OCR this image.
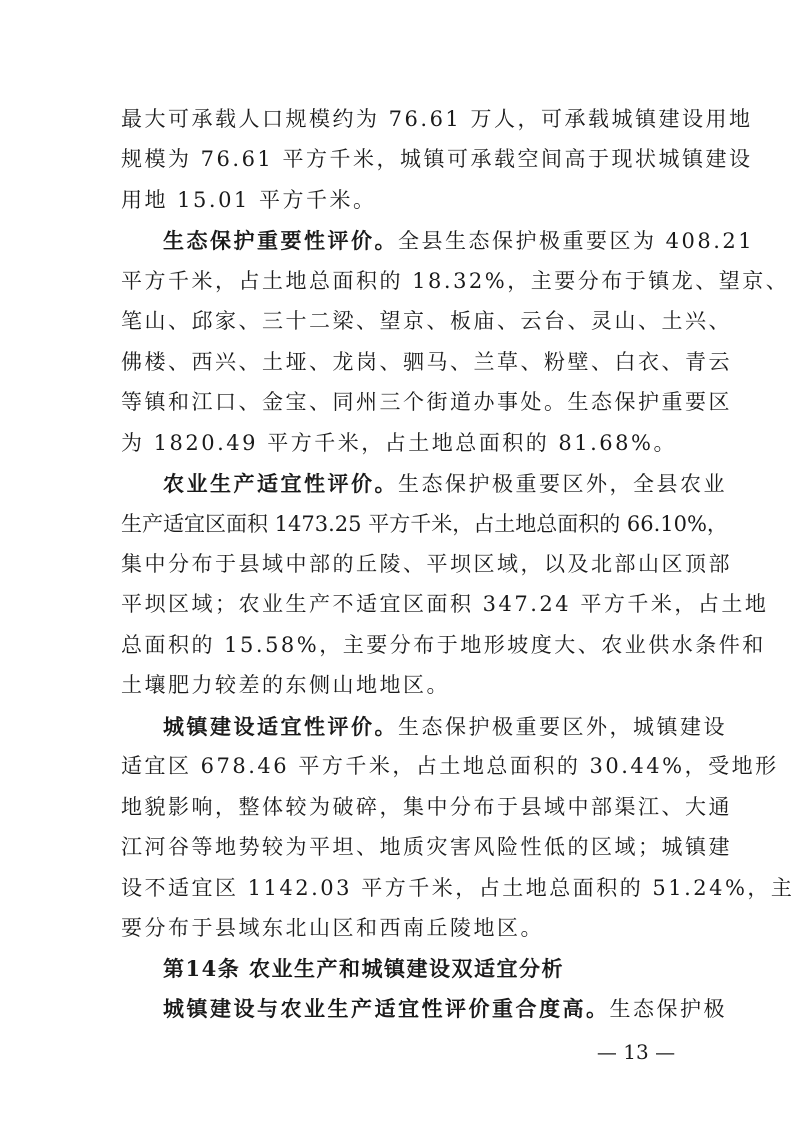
最大可承载人口规模约为 76.61 万人，可承载城镇建设用地
规模为 76.61 平方千米，城镇可承载空间高于现状城镇建设
用地 15.01 平方千米。
生态保护重要性评价。全县生态保护极重要区为 408.21
平方千米，占土地总面积的 18.32%，主要分布于镇龙、望京、
笔山、邱家、三十二梁、望京、板庙、云台、灵山、土兴、
佛楼、西兴、土垭、龙岗、驷马、兰草、粉壁、白衣、青云
等镇和江口、金宝、同州三个街道办事处。生态保护重要区
为 1820.49 平方千米，占土地总面积的 81.68%。
农业生产适宜性评价。生态保护极重要区外，全县农业
生产适宜区面积 1473.25 平方千米，占土地总面积的 66.10%，
集中分布于县域中部的丘陵、平坝区域，以及北部山区顶部
平坝区域；农业生产不适宜区面积 347.24 平方千米，占土地
总面积的 15.58%，主要分布于地形坡度大、农业供水条件和
土壤肥力较差的东侧山地地区。
城镇建设适宜性评价。生态保护极重要区外，城镇建设
适宜区 678.46 平方千米，占土地总面积的 30.44%，受地形
地貌影响，整体较为破碎，集中分布于县域中部渠江、大通
江河谷等地势较为平坦、地质灾害风险性低的区域；城镇建
设不适宜区 1142.03 平方千米，占土地总面积的 51.24%，主
要分布于县域东北山区和西南丘陵地区。
第14条 农业生产和城镇建设双适宜分析
城镇建设与农业生产适宜性评价重合度高。生态保护极
— 13 —
